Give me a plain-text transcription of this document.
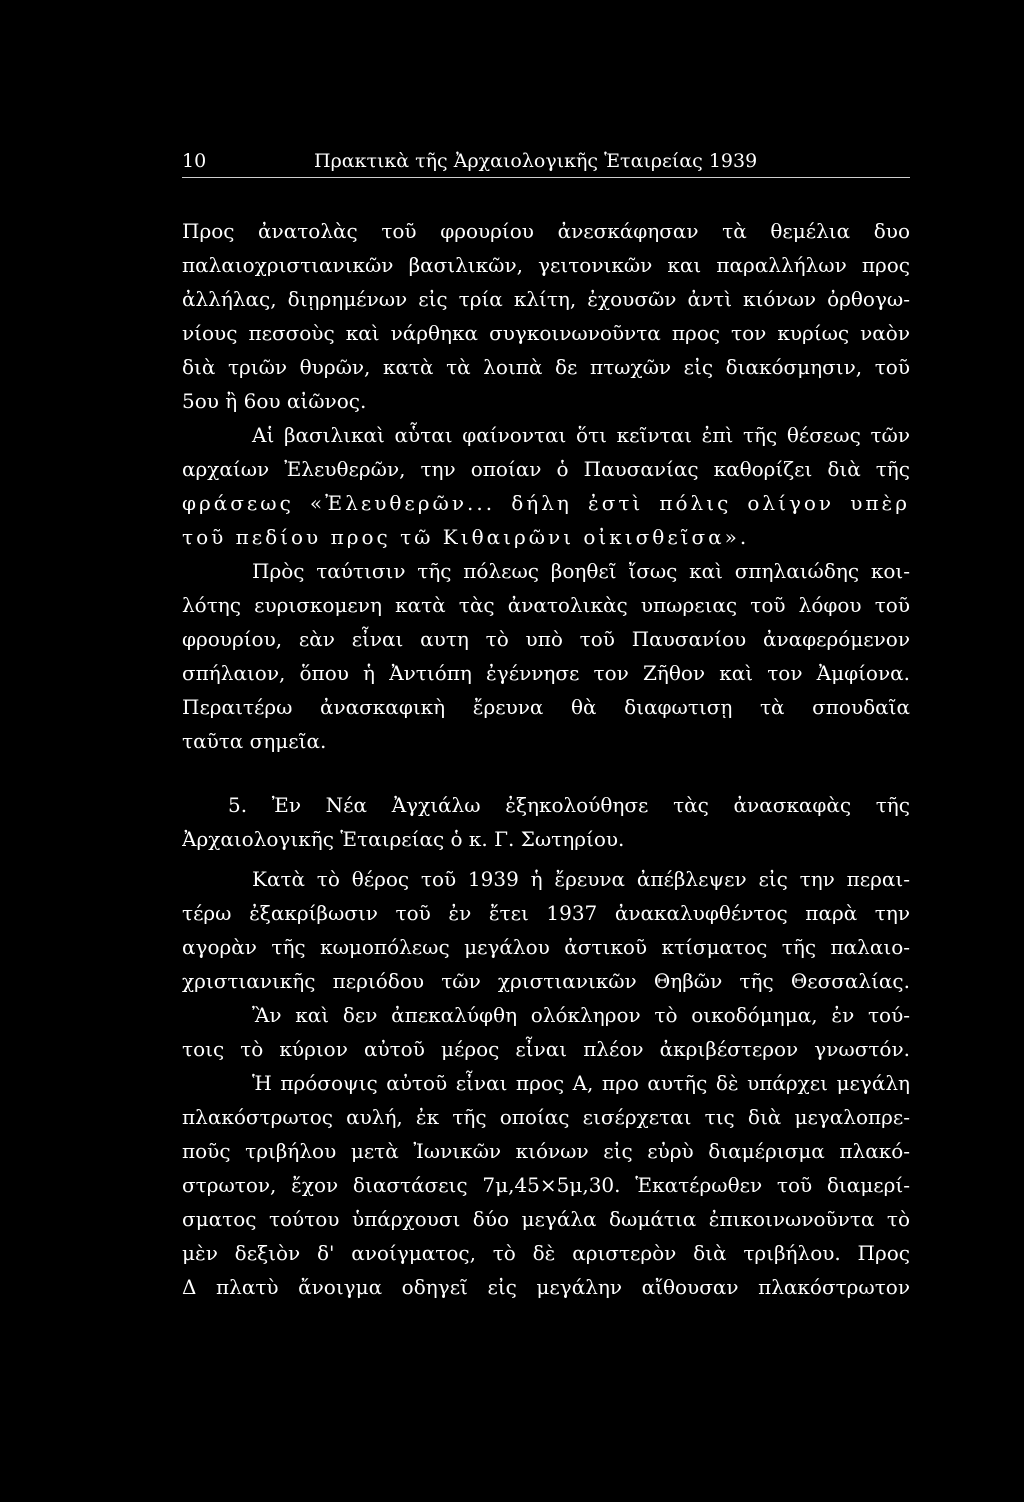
10	Πρακτικὰ τῆς Ἀρχαιολογικῆς Ἑταιρείας 1939
Προς ἀνατολὰς τοῦ φρουρίου ἀνεσκάφησαν τὰ θεμέλια δυο
παλαιοχριστιανικῶν βασιλικῶν, γειτονικῶν και παραλλήλων προς
ἀλλήλας, διῃρημένων εἰς τρία κλίτη, ἐχουσῶν ἀντὶ κιόνων ὀρθογω-
νίους πεσσοὺς καὶ νάρθηκα συγκοινωνοῦντα προς τον κυρίως ναὸν
διὰ τριῶν θυρῶν, κατὰ τὰ λοιπὰ δε πτωχῶν εἰς διακόσμησιν, τοῦ
5ου ἢ 6ου αἰῶνος.
Αἱ βασιλικαὶ αὗται φαίνονται ὅτι κεῖνται ἐπὶ τῆς θέσεως τῶν
αρχαίων Ἐλευθερῶν, την οποίαν ὁ Παυσανίας καθορίζει διὰ τῆς
φράσεως «Ἐλευθερῶν... δήλη ἐστὶ πόλις ολίγον υπὲρ
τοῦ πεδίου προς τῶ Κιθαιρῶνι οἰκισθεῖσα».
Πρὸς ταύτισιν τῆς πόλεως βοηθεῖ ἴσως καὶ σπηλαιώδης κοι-
λότης ευρισκομενη κατὰ τὰς ἀνατολικὰς υπωρειας τοῦ λόφου τοῦ
φρουρίου, εὰν εἶναι αυτη τὸ υπὸ τοῦ Παυσανίου ἀναφερόμενον
σπήλαιον, ὅπου ἡ Ἀντιόπη ἐγέννησε τον Ζῆθον καὶ τον Ἀμφίονα.
Περαιτέρω ἀνασκαφικὴ ἔρευνα θὰ διαφωτισῃ τὰ σπουδαῖα
ταῦτα σημεῖα.
5. Ἐν Νέα Ἀγχιάλω ἐξηκολούθησε τὰς ἀνασκαφὰς τῆς
Ἀρχαιολογικῆς Ἑταιρείας ὁ κ. Γ. Σωτηρίου.
Κατὰ τὸ θέρος τοῦ 1939 ἡ ἔρευνα ἀπέβλεψεν εἰς την περαι-
τέρω ἐξακρίβωσιν τοῦ ἐν ἔτει 1937 ἀνακαλυφθέντος παρὰ την
αγορὰν τῆς κωμοπόλεως μεγάλου ἀστικοῦ κτίσματος τῆς παλαιο-
χριστιανικῆς περιόδου τῶν χριστιανικῶν Θηβῶν τῆς Θεσσαλίας.
Ἂν καὶ δεν ἀπεκαλύφθη ολόκληρον τὸ οικοδόμημα, ἐν τού-
τοις τὸ κύριον αὐτοῦ μέρος εἶναι πλέον ἀκριβέστερον γνωστόν.
Ἡ πρόσοψις αὐτοῦ εἶναι προς Α, προ αυτῆς δὲ υπάρχει μεγάλη
πλακόστρωτος αυλή, ἐκ τῆς οποίας εισέρχεται τις διὰ μεγαλοπρε-
ποῦς τριβήλου μετὰ Ἰωνικῶν κιόνων εἰς εὐρὺ διαμέρισμα πλακό-
στρωτον, ἔχον διαστάσεις 7μ,45×5μ,30. Ἑκατέρωθεν τοῦ διαμερί-
σματος τούτου ὑπάρχουσι δύο μεγάλα δωμάτια ἐπικοινωνοῦντα τὸ
μὲν δεξιὸν δ' ανοίγματος, τὸ δὲ αριστερὸν διὰ τριβήλου. Προς
Δ πλατὺ ἄνοιγμα οδηγεῖ εἰς μεγάλην αἴθουσαν πλακόστρωτον
